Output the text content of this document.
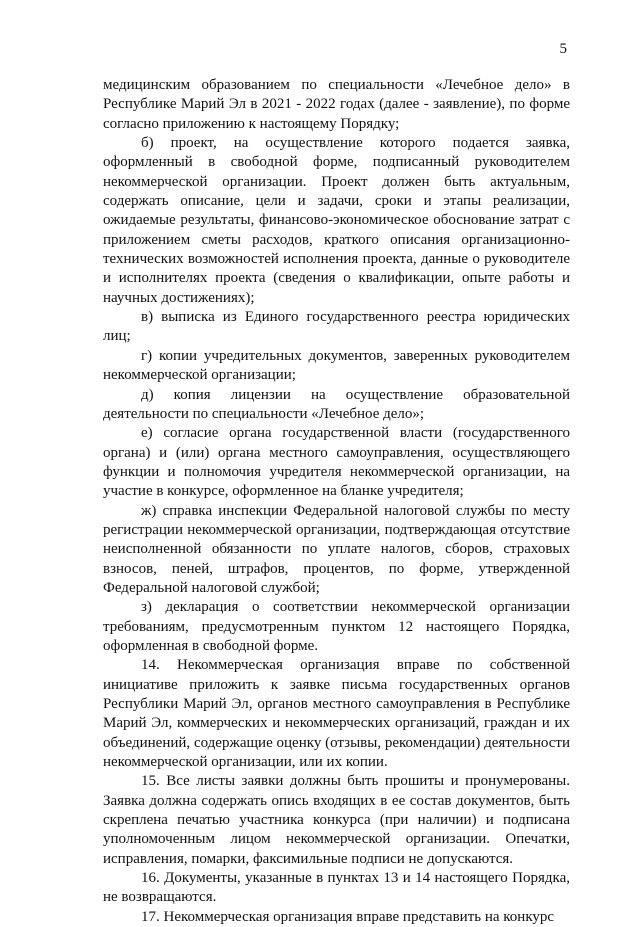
5

медицинским образованием по специальности «Лечебное дело» в Республике Марий Эл в 2021 - 2022 годах (далее - заявление), по форме согласно приложению к настоящему Порядку;

б) проект, на осуществление которого подается заявка, оформленный в свободной форме, подписанный руководителем некоммерческой организации. Проект должен быть актуальным, содержать описание, цели и задачи, сроки и этапы реализации, ожидаемые результаты, финансово-экономическое обоснование затрат с приложением сметы расходов, краткого описания организационно-технических возможностей исполнения проекта, данные о руководителе и исполнителях проекта (сведения о квалификации, опыте работы и научных достижениях);

в) выписка из Единого государственного реестра юридических лиц;

г) копии учредительных документов, заверенных руководителем некоммерческой организации;

д) копия лицензии на осуществление образовательной деятельности по специальности «Лечебное дело»;

е) согласие органа государственной власти (государственного органа) и (или) органа местного самоуправления, осуществляющего функции и полномочия учредителя некоммерческой организации, на участие в конкурсе, оформленное на бланке учредителя;

ж) справка инспекции Федеральной налоговой службы по месту регистрации некоммерческой организации, подтверждающая отсутствие неисполненной обязанности по уплате налогов, сборов, страховых взносов, пеней, штрафов, процентов, по форме, утвержденной Федеральной налоговой службой;

з) декларация о соответствии некоммерческой организации требованиям, предусмотренным пунктом 12 настоящего Порядка, оформленная в свободной форме.

14. Некоммерческая организация вправе по собственной инициативе приложить к заявке письма государственных органов Республики Марий Эл, органов местного самоуправления в Республике Марий Эл, коммерческих и некоммерческих организаций, граждан и их объединений, содержащие оценку (отзывы, рекомендации) деятельности некоммерческой организации, или их копии.

15. Все листы заявки должны быть прошиты и пронумерованы. Заявка должна содержать опись входящих в ее состав документов, быть скреплена печатью участника конкурса (при наличии) и подписана уполномоченным лицом некоммерческой организации. Опечатки, исправления, помарки, факсимильные подписи не допускаются.

16. Документы, указанные в пунктах 13 и 14 настоящего Порядка, не возвращаются.

17. Некоммерческая организация вправе представить на конкурс
